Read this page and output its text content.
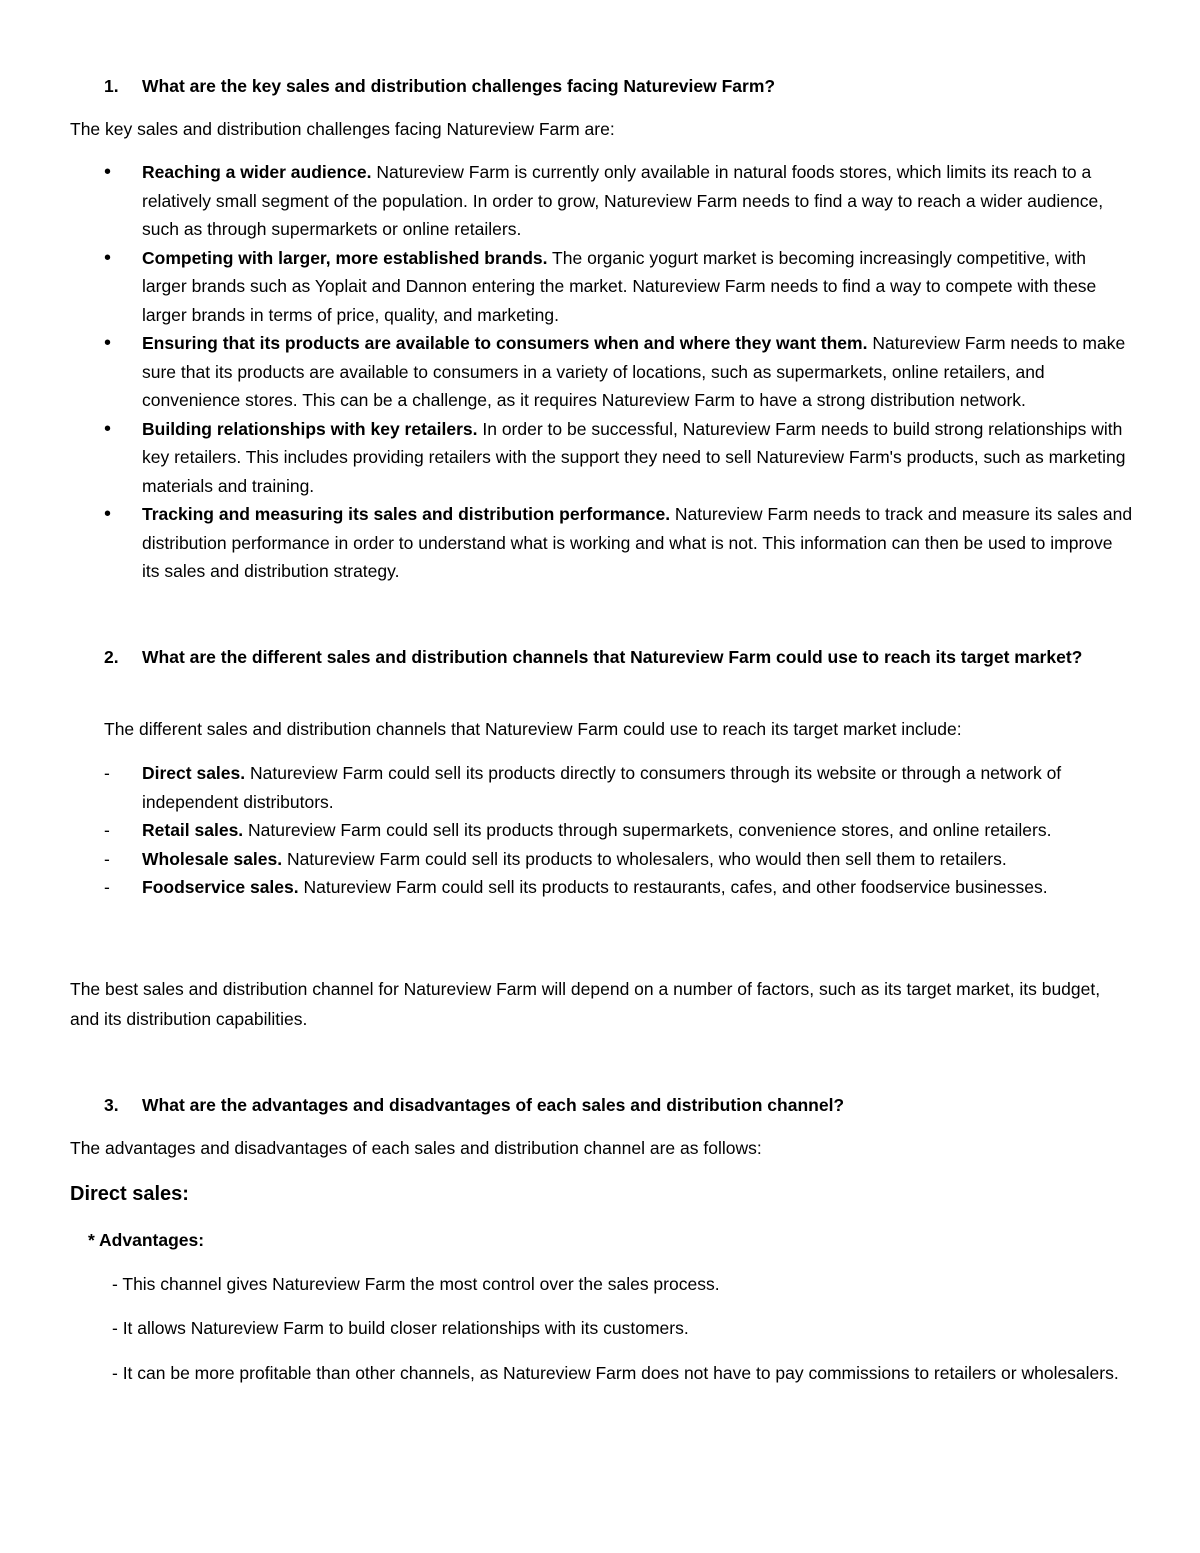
1. What are the key sales and distribution challenges facing Natureview Farm?
The key sales and distribution challenges facing Natureview Farm are:
• Reaching a wider audience. Natureview Farm is currently only available in natural foods stores, which limits its reach to a relatively small segment of the population. In order to grow, Natureview Farm needs to find a way to reach a wider audience, such as through supermarkets or online retailers.
• Competing with larger, more established brands. The organic yogurt market is becoming increasingly competitive, with larger brands such as Yoplait and Dannon entering the market. Natureview Farm needs to find a way to compete with these larger brands in terms of price, quality, and marketing.
• Ensuring that its products are available to consumers when and where they want them. Natureview Farm needs to make sure that its products are available to consumers in a variety of locations, such as supermarkets, online retailers, and convenience stores. This can be a challenge, as it requires Natureview Farm to have a strong distribution network.
• Building relationships with key retailers. In order to be successful, Natureview Farm needs to build strong relationships with key retailers. This includes providing retailers with the support they need to sell Natureview Farm's products, such as marketing materials and training.
• Tracking and measuring its sales and distribution performance. Natureview Farm needs to track and measure its sales and distribution performance in order to understand what is working and what is not. This information can then be used to improve its sales and distribution strategy.
2. What are the different sales and distribution channels that Natureview Farm could use to reach its target market?
The different sales and distribution channels that Natureview Farm could use to reach its target market include:
- Direct sales. Natureview Farm could sell its products directly to consumers through its website or through a network of independent distributors.
- Retail sales. Natureview Farm could sell its products through supermarkets, convenience stores, and online retailers.
- Wholesale sales. Natureview Farm could sell its products to wholesalers, who would then sell them to retailers.
- Foodservice sales. Natureview Farm could sell its products to restaurants, cafes, and other foodservice businesses.
The best sales and distribution channel for Natureview Farm will depend on a number of factors, such as its target market, its budget, and its distribution capabilities.
3. What are the advantages and disadvantages of each sales and distribution channel?
The advantages and disadvantages of each sales and distribution channel are as follows:
Direct sales:
* Advantages:
- This channel gives Natureview Farm the most control over the sales process.
- It allows Natureview Farm to build closer relationships with its customers.
- It can be more profitable than other channels, as Natureview Farm does not have to pay commissions to retailers or wholesalers.
